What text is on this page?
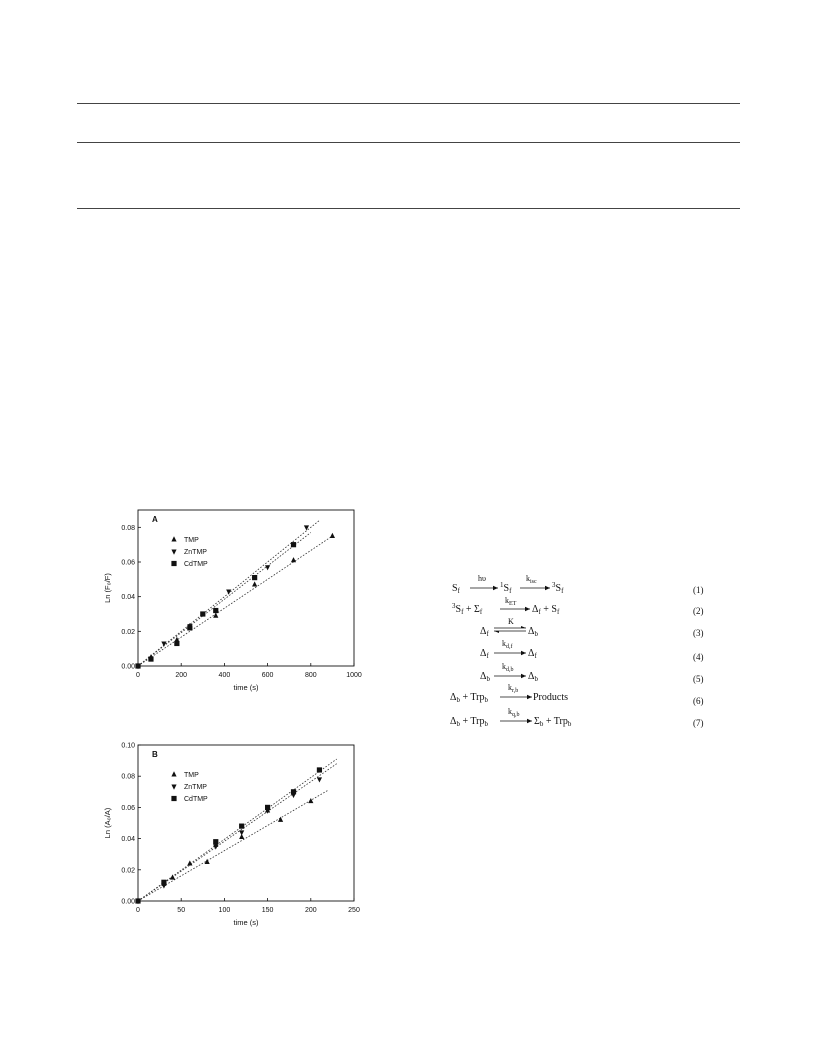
0	200	400	600	800	1000
0.00
0.02
0.04
0.06
0.08
time (s)
Ln (F₀/F)
A
TMP
ZnTMP
CdTMP
0	50	100	150	200	250
0.00
0.02
0.04
0.06
0.08
0.10
time (s)
Ln (A₀/A)
B
TMP
ZnTMP
CdTMP
$S_f$
hυ
$^1S_f$
$k_{isc}$ $^3S_f$	(1)
$^3S_f + \Sigma_f$
$k_{ET}$ $\Delta_f + S_f$	(2)
$\Delta_f$
K
$\Delta_b$	(3)
$\Delta_f$
$k_{d,f}$
$\Delta_f$	(4)
$\Delta_b$
$k_{d,b}$
$\Delta_b$	(5)
$\Delta_b + Trp_b$
$k_{r,b}$
Products	(6)
$\Delta_b + Trp_b$
$k_{q,b}$
$\Sigma_b + Trp_b$	(7)
